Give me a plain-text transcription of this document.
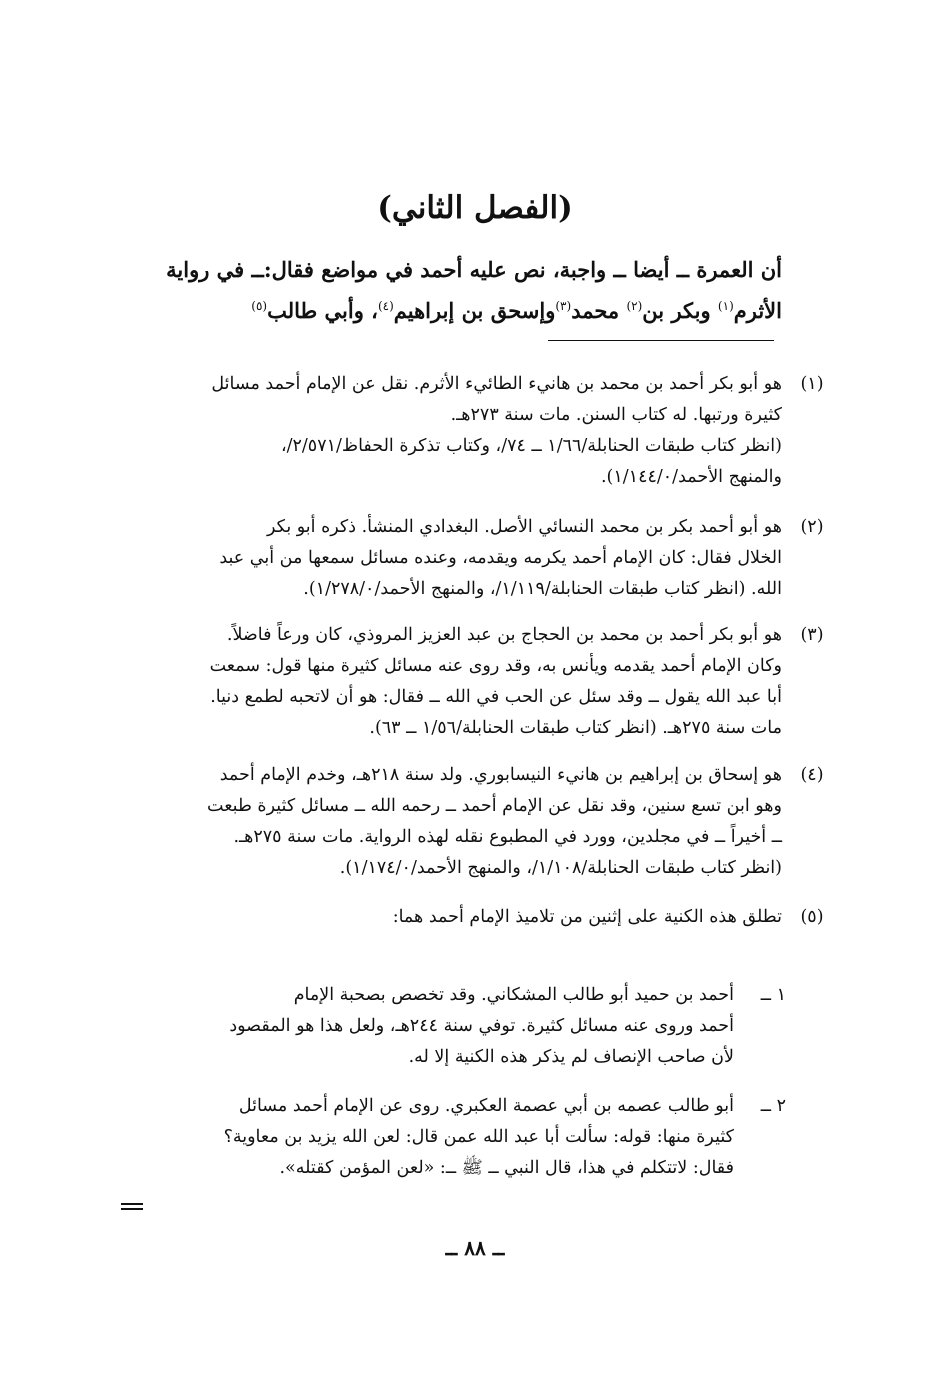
(الفصل الثاني)
أن العمرة ــ أيضا ــ واجبة، نص عليه أحمد في مواضع فقال:ــ في رواية
الأثرم$^{(١)}$ وبكر بن$^{(٢)}$ محمد$^{(٣)}$وإسحق بن إبراهيم$^{(٤)}$، وأبي طالب$^{(٥)}$
(١)
هو أبو بكر أحمد بن محمد بن هانيء الطائيء الأثرم. نقل عن الإمام أحمد مسائل
كثيرة ورتبها. له كتاب السنن. مات سنة ٢٧٣هـ.
(انظر كتاب طبقات الحنابلة/١/٦٦ ــ ٧٤/، وكتاب تذكرة الحفاظ/٢/٥٧١/،
والمنهج الأحمد/١/١٤٤/٠).
(٢)
هو أبو أحمد بكر بن محمد النسائي الأصل. البغدادي المنشأ. ذكره أبو بكر
الخلال فقال: كان الإمام أحمد يكرمه ويقدمه، وعنده مسائل سمعها من أبي عبد
الله. (انظر كتاب طبقات الحنابلة/١/١١٩/، والمنهج الأحمد/١/٢٧٨/٠).
(٣)
هو أبو بكر أحمد بن محمد بن الحجاج بن عبد العزيز المروذي، كان ورعاً فاضلاً.
وكان الإمام أحمد يقدمه ويأنس به، وقد روى عنه مسائل كثيرة منها قول: سمعت
أبا عبد الله يقول ــ وقد سئل عن الحب في الله ــ فقال: هو أن لاتحبه لطمع دنيا.
مات سنة ٢٧٥هـ. (انظر كتاب طبقات الحنابلة/١/٥٦ ــ ٦٣).
(٤)
هو إسحاق بن إبراهيم بن هانيء النيسابوري. ولد سنة ٢١٨هـ، وخدم الإمام أحمد
وهو ابن تسع سنين، وقد نقل عن الإمام أحمد ــ رحمه الله ــ مسائل كثيرة طبعت
ــ أخيراً ــ في مجلدين، وورد في المطبوع نقله لهذه الرواية. مات سنة ٢٧٥هـ.
(انظر كتاب طبقات الحنابلة/١/١٠٨/، والمنهج الأحمد/١/١٧٤/٠).
(٥)
تطلق هذه الكنية على إثنين من تلاميذ الإمام أحمد هما:
١ ــ
أحمد بن حميد أبو طالب المشكاني. وقد تخصص بصحبة الإمام
أحمد وروى عنه مسائل كثيرة. توفي سنة ٢٤٤هـ، ولعل هذا هو المقصود
لأن صاحب الإنصاف لم يذكر هذه الكنية إلا له.
٢ ــ
أبو طالب عصمه بن أبي عصمة العكبري. روى عن الإمام أحمد مسائل
كثيرة منها: قوله: سألت أبا عبد الله عمن قال: لعن الله يزيد بن معاوية؟
فقال: لاتتكلم في هذا، قال النبي ــ ﷺ ــ: «لعن المؤمن كقتله».
ــ ٨٨ ــ
